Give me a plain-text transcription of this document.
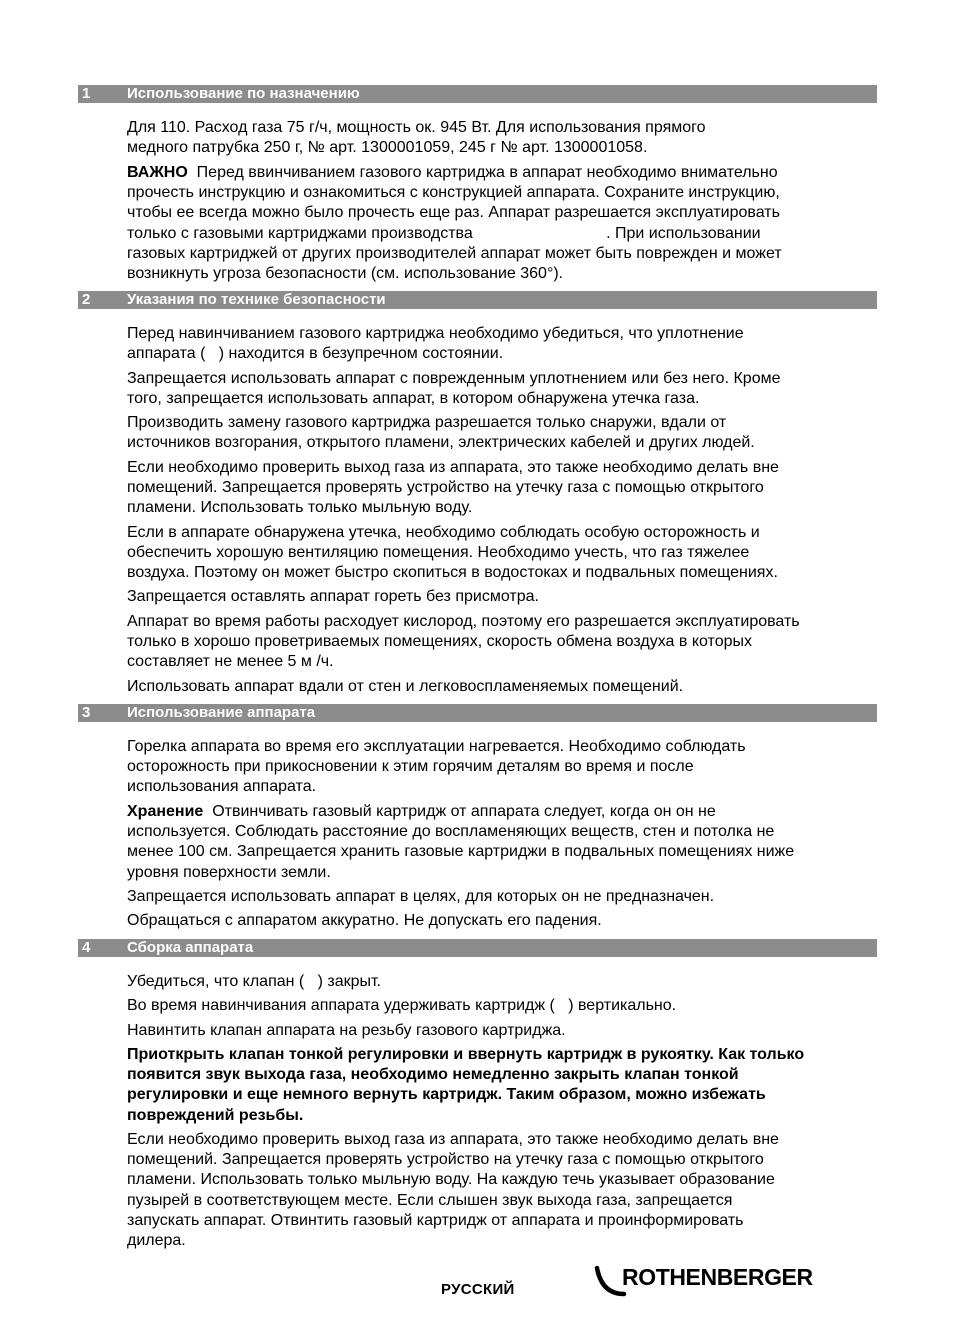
1 Использование по назначению
Для 110. Расход газа 75 г/ч, мощность ок. 945 Вт. Для использования прямого
медного патрубка 250 г, № арт. 1300001059, 245 г № арт. 1300001058.
ВАЖНО  Перед ввинчиванием газового картриджа в аппарат необходимо внимательно
прочесть инструкцию и ознакомиться с конструкцией аппарата. Сохраните инструкцию,
чтобы ее всегда можно было прочесть еще раз. Аппарат разрешается эксплуатировать
только с газовыми картриджами производства                              . При использовании
газовых картриджей от других производителей аппарат может быть поврежден и может
возникнуть угроза безопасности (см. использование 360°).
2 Указания по технике безопасности
Перед навинчиванием газового картриджа необходимо убедиться, что уплотнение
аппарата (   ) находится в безупречном состоянии.
Запрещается использовать аппарат с поврежденным уплотнением или без него. Кроме
того, запрещается использовать аппарат, в котором обнаружена утечка газа.
Производить замену газового картриджа разрешается только снаружи, вдали от
источников возгорания, открытого пламени, электрических кабелей и других людей.
Если необходимо проверить выход газа из аппарата, это также необходимо делать вне
помещений. Запрещается проверять устройство на утечку газа с помощью открытого
пламени. Использовать только мыльную воду.
Если в аппарате обнаружена утечка, необходимо соблюдать особую осторожность и
обеспечить хорошую вентиляцию помещения. Необходимо учесть, что газ тяжелее
воздуха. Поэтому он может быстро скопиться в водостоках и подвальных помещениях.
Запрещается оставлять аппарат гореть без присмотра.
Аппарат во время работы расходует кислород, поэтому его разрешается эксплуатировать
только в хорошо проветриваемых помещениях, скорость обмена воздуха в которых
составляет не менее 5 м /ч.
Использовать аппарат вдали от стен и легковоспламеняемых помещений.
3 Использование аппарата
Горелка аппарата во время его эксплуатации нагревается. Необходимо соблюдать
осторожность при прикосновении к этим горячим деталям во время и после
использования аппарата.
Хранение  Отвинчивать газовый картридж от аппарата следует, когда он он не
используется. Соблюдать расстояние до воспламеняющих веществ, стен и потолка не
менее 100 см. Запрещается хранить газовые картриджи в подвальных помещениях ниже
уровня поверхности земли.
Запрещается использовать аппарат в целях, для которых он не предназначен.
Обращаться с аппаратом аккуратно. Не допускать его падения.
4 Сборка аппарата
Убедиться, что клапан (   ) закрыт.
Во время навинчивания аппарата удерживать картридж (   ) вертикально.
Навинтить клапан аппарата на резьбу газового картриджа.
Приоткрыть клапан тонкой регулировки и ввернуть картридж в рукоятку. Как только
появится звук выхода газа, необходимо немедленно закрыть клапан тонкой
регулировки и еще немного вернуть картридж. Таким образом, можно избежать
повреждений резьбы.
Если необходимо проверить выход газа из аппарата, это также необходимо делать вне
помещений. Запрещается проверять устройство на утечку газа с помощью открытого
пламени. Использовать только мыльную воду. На каждую течь указывает образование
пузырей в соответствующем месте. Если слышен звук выхода газа, запрещается
запускать аппарат. Отвинтить газовый картридж от аппарата и проинформировать
дилера.
РУССКИЙ	ROTHENBERGER
